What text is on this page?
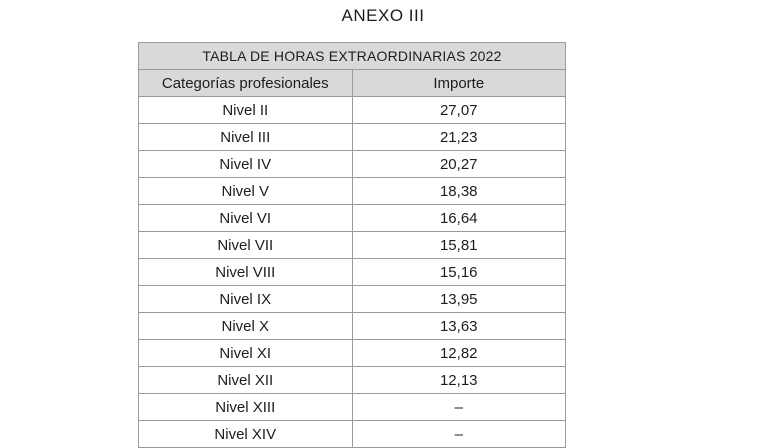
ANEXO III
TABLA DE HORAS EXTRAORDINARIAS 2022	
Categorías profesionales	Importe
Nivel II	27,07
Nivel III	21,23
Nivel IV	20,27
Nivel V	18,38
Nivel VI	16,64
Nivel VII	15,81
Nivel VIII	15,16
Nivel IX	13,95
Nivel X	13,63
Nivel XI	12,82
Nivel XII	12,13
Nivel XIII	–
Nivel XIV	–
